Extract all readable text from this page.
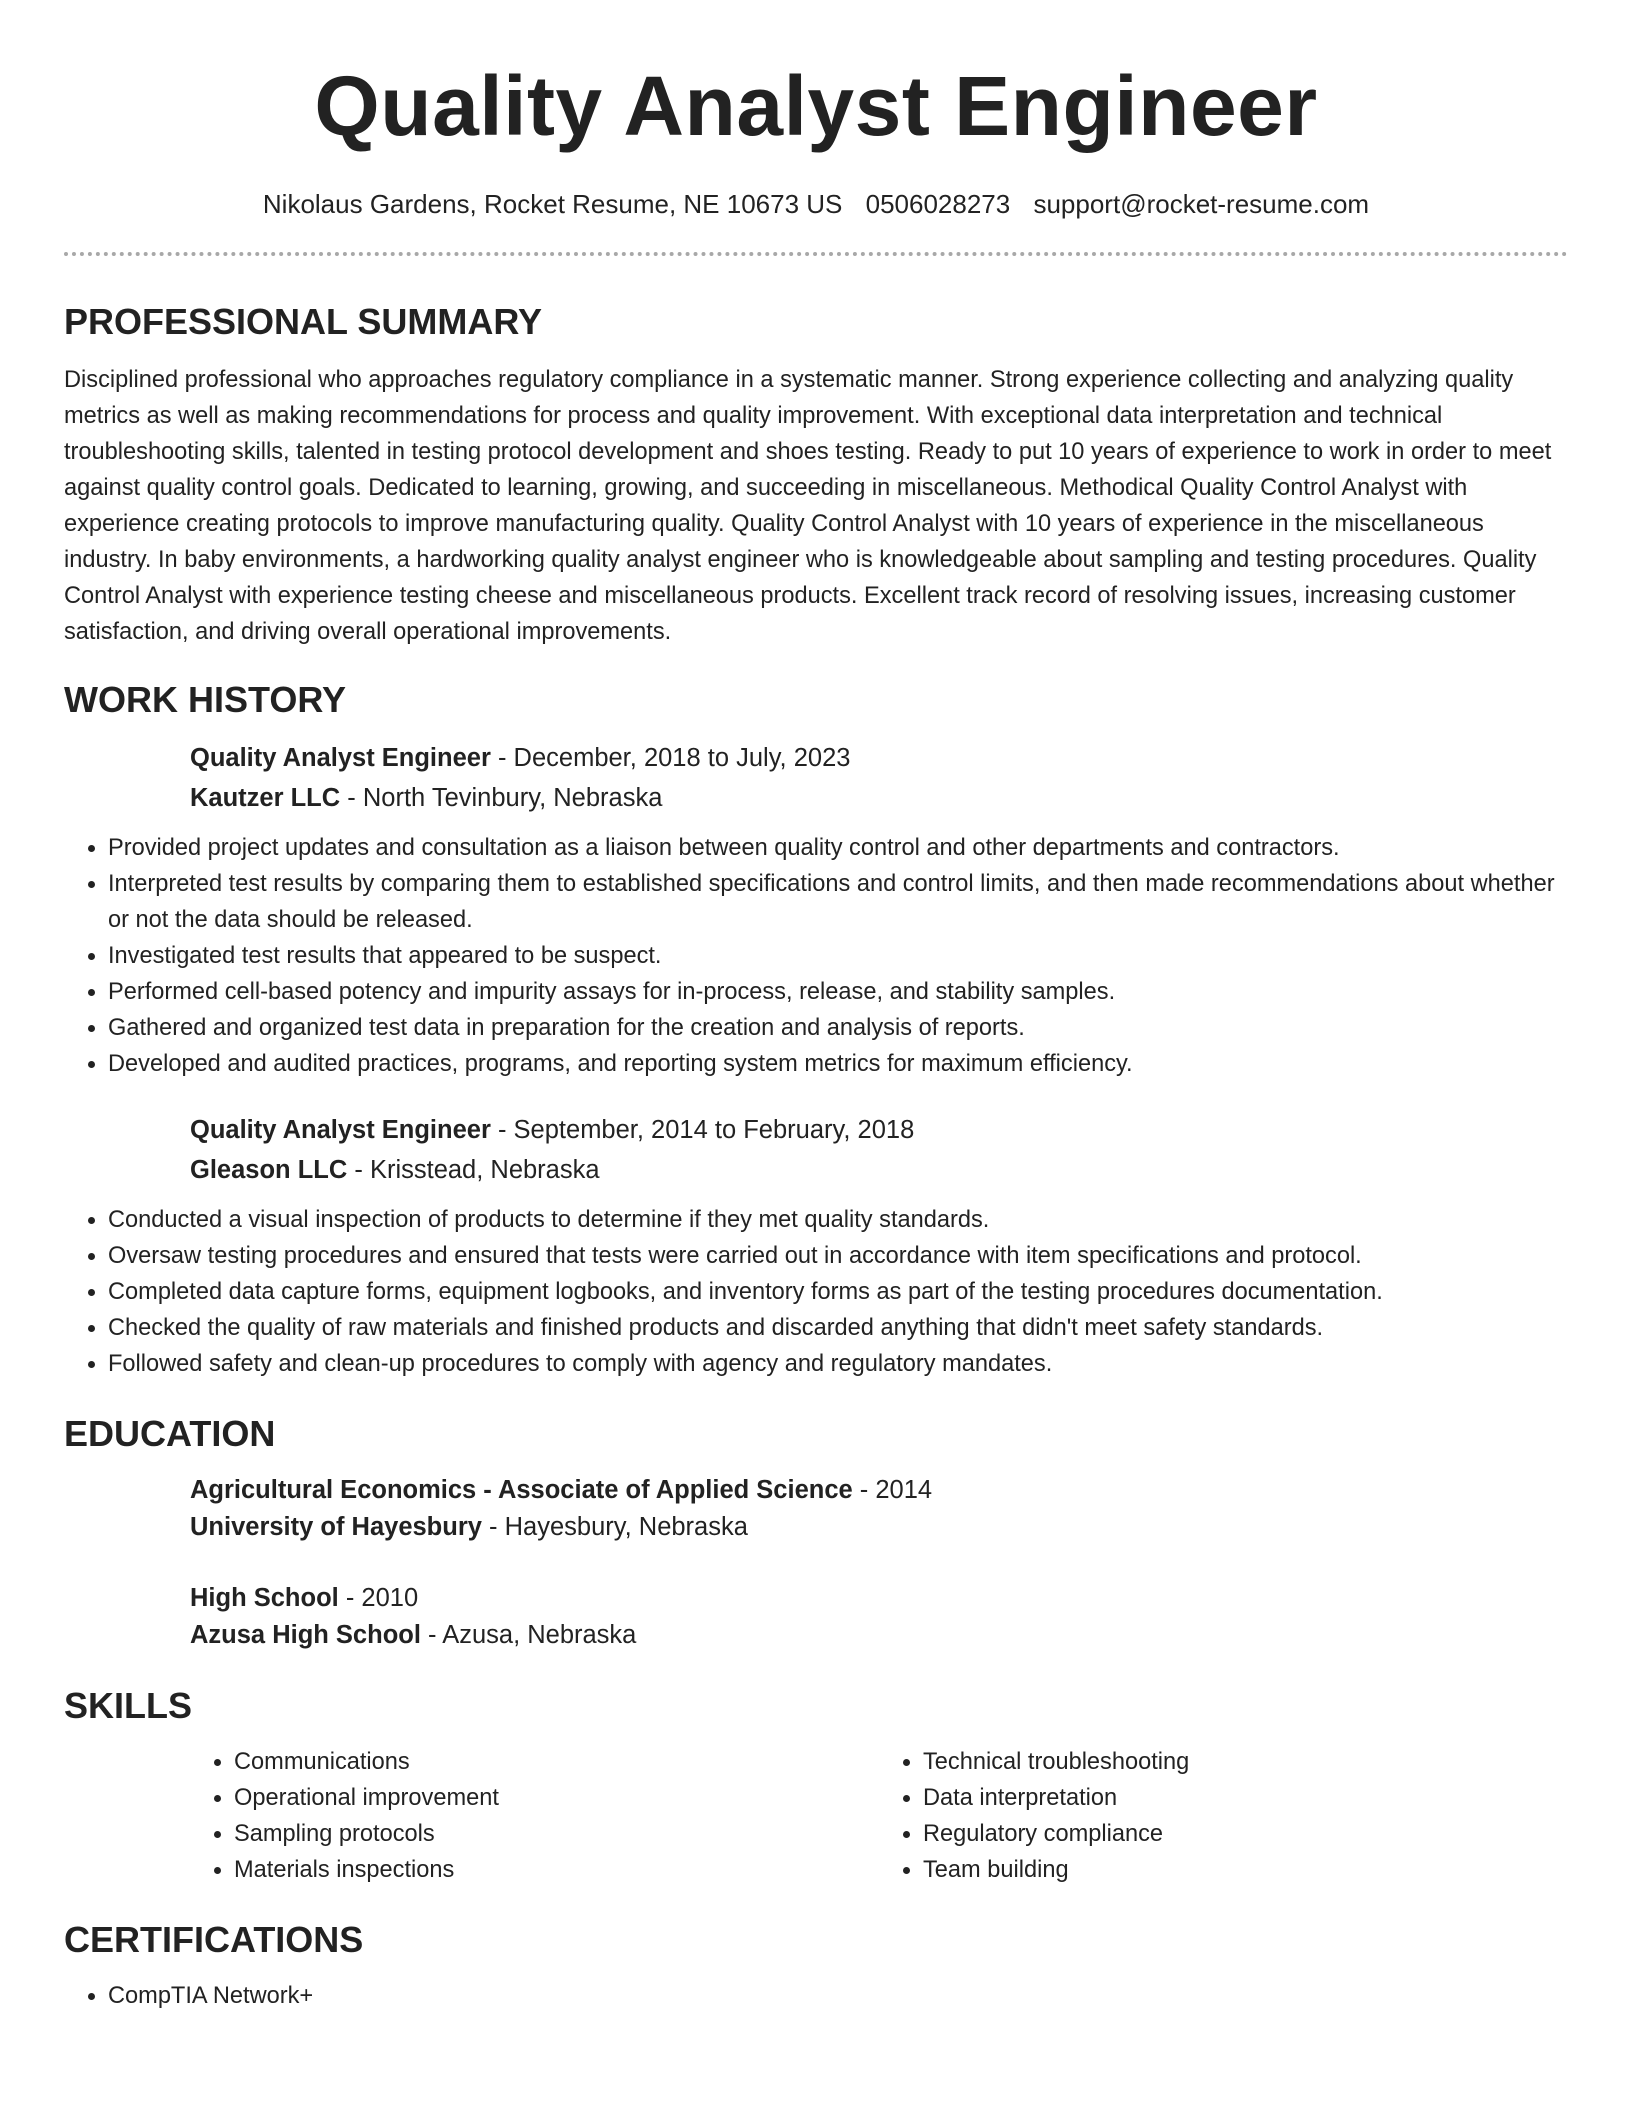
Quality Analyst Engineer
Nikolaus Gardens, Rocket Resume, NE 10673 US 0506028273 support@rocket-resume.com
PROFESSIONAL SUMMARY

Disciplined professional who approaches regulatory compliance in a systematic manner. Strong experience collecting and analyzing quality metrics as well as making recommendations for process and quality improvement. With exceptional data interpretation and technical troubleshooting skills, talented in testing protocol development and shoes testing. Ready to put 10 years of experience to work in order to meet against quality control goals. Dedicated to learning, growing, and succeeding in miscellaneous. Methodical Quality Control Analyst with experience creating protocols to improve manufacturing quality. Quality Control Analyst with 10 years of experience in the miscellaneous industry. In baby environments, a hardworking quality analyst engineer who is knowledgeable about sampling and testing procedures. Quality Control Analyst with experience testing cheese and miscellaneous products. Excellent track record of resolving issues, increasing customer satisfaction, and driving overall operational improvements.

WORK HISTORY

Quality Analyst Engineer - December, 2018 to July, 2023

Kautzer LLC - North Tevinbury, Nebraska

• Provided project updates and consultation as a liaison between quality control and other departments and contractors.
• Interpreted test results by comparing them to established specifications and control limits, and then made recommendations about whether or not the data should be released.
• Investigated test results that appeared to be suspect.
• Performed cell-based potency and impurity assays for in-process, release, and stability samples.
• Gathered and organized test data in preparation for the creation and analysis of reports.
• Developed and audited practices, programs, and reporting system metrics for maximum efficiency.

Quality Analyst Engineer - September, 2014 to February, 2018

Gleason LLC - Krisstead, Nebraska

• Conducted a visual inspection of products to determine if they met quality standards.
• Oversaw testing procedures and ensured that tests were carried out in accordance with item specifications and protocol.
• Completed data capture forms, equipment logbooks, and inventory forms as part of the testing procedures documentation.
• Checked the quality of raw materials and finished products and discarded anything that didn't meet safety standards.
• Followed safety and clean-up procedures to comply with agency and regulatory mandates.
EDUCATION

Agricultural Economics - Associate of Applied Science - 2014

University of Hayesbury - Hayesbury, Nebraska

High School - 2010

Azusa High School - Azusa, Nebraska

SKILLS
• Communications
• Operational improvement
• Sampling protocols
• Materials inspections
• Technical troubleshooting
• Data interpretation
• Regulatory compliance
• Team building
CERTIFICATIONS
• CompTIA Network+
